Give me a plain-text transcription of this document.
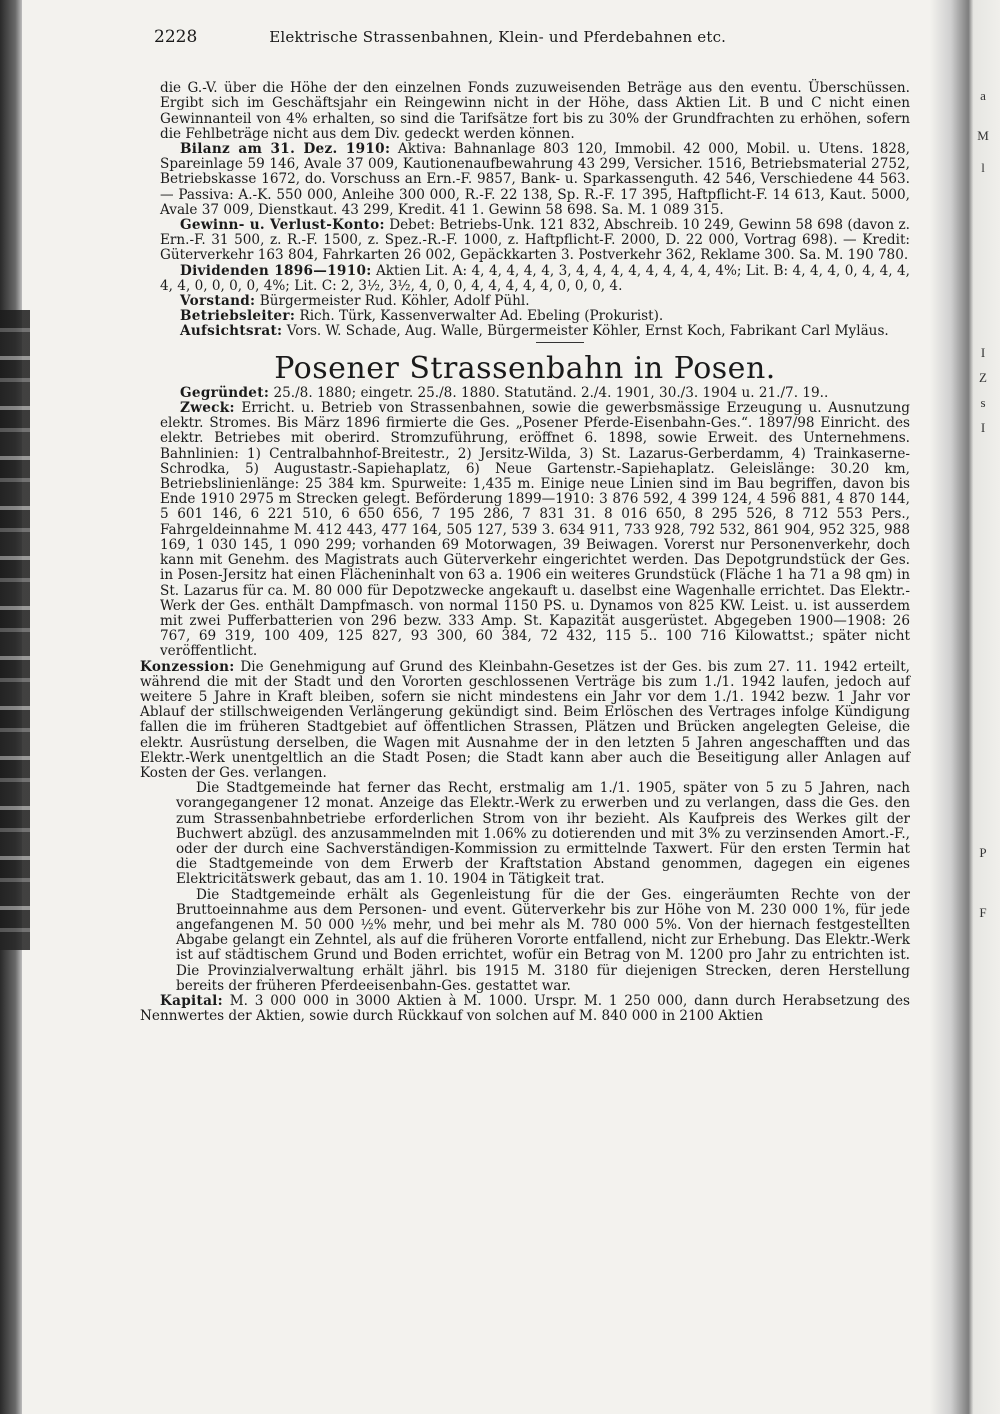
a
M
l
I
Z
s
I
P
F
2228	Elektrische Strassenbahnen, Klein- und Pferdebahnen etc.

die G.-V. über die Höhe der den einzelnen Fonds zuzuweisenden Beträge aus den eventu. Überschüssen. Ergibt sich im Geschäftsjahr ein Reingewinn nicht in der Höhe, dass Aktien Lit. B und C nicht einen Gewinnanteil von 4% erhalten, so sind die Tarifsätze fort bis zu 30% der Grundfrachten zu erhöhen, sofern die Fehlbeträge nicht aus dem Div. gedeckt werden können.

Bilanz am 31. Dez. 1910: Aktiva: Bahnanlage 803 120, Immobil. 42 000, Mobil. u. Utens. 1828, Spareinlage 59 146, Avale 37 009, Kautionenaufbewahrung 43 299, Versicher. 1516, Betriebsmaterial 2752, Betriebskasse 1672, do. Vorschuss an Ern.-F. 9857, Bank- u. Sparkassenguth. 42 546, Verschiedene 44 563. — Passiva: A.-K. 550 000, Anleihe 300 000, R.-F. 22 138, Sp. R.-F. 17 395, Haftpflicht-F. 14 613, Kaut. 5000, Avale 37 009, Dienstkaut. 43 299, Kredit. 41 1. Gewinn 58 698. Sa. M. 1 089 315.

Gewinn- u. Verlust-Konto: Debet: Betriebs-Unk. 121 832, Abschreib. 10 249, Gewinn 58 698 (davon z. Ern.-F. 31 500, z. R.-F. 1500, z. Spez.-R.-F. 1000, z. Haftpflicht-F. 2000, D. 22 000, Vortrag 698). — Kredit: Güterverkehr 163 804, Fahrkarten 26 002, Gepäckkarten 3. Postverkehr 362, Reklame 300. Sa. M. 190 780.

Dividenden 1896—1910: Aktien Lit. A: 4, 4, 4, 4, 4, 3, 4, 4, 4, 4, 4, 4, 4, 4, 4%; Lit. B: 4, 4, 4, 0, 4, 4, 4, 4, 4, 0, 0, 0, 0, 4%; Lit. C: 2, 3½, 3½, 4, 0, 0, 4, 4, 4, 4, 4, 0, 0, 0, 4.

Vorstand: Bürgermeister Rud. Köhler, Adolf Pühl.

Betriebsleiter: Rich. Türk, Kassenverwalter Ad. Ebeling (Prokurist).

Aufsichtsrat: Vors. W. Schade, Aug. Walle, Bürgermeister Köhler, Ernst Koch, Fabrikant Carl Myläus.

Posener Strassenbahn in Posen.

Gegründet: 25./8. 1880; eingetr. 25./8. 1880. Statutänd. 2./4. 1901, 30./3. 1904 u. 21./7. 19..

Zweck: Erricht. u. Betrieb von Strassenbahnen, sowie die gewerbsmässige Erzeugung u. Ausnutzung elektr. Stromes. Bis März 1896 firmierte die Ges. „Posener Pferde-Eisenbahn-Ges.“. 1897/98 Einricht. des elektr. Betriebes mit oberird. Stromzuführung, eröffnet 6. 1898, sowie Erweit. des Unternehmens. Bahnlinien: 1) Centralbahnhof-Breitestr., 2) Jersitz-Wilda, 3) St. Lazarus-Gerberdamm, 4) Trainkaserne-Schrodka, 5) Augustastr.-Sapiehaplatz, 6) Neue Gartenstr.-Sapiehaplatz. Geleislänge: 30.20 km, Betriebslinienlänge: 25 384 km. Spurweite: 1,435 m. Einige neue Linien sind im Bau begriffen, davon bis Ende 1910 2975 m Strecken gelegt. Beförderung 1899—1910: 3 876 592, 4 399 124, 4 596 881, 4 870 144, 5 601 146, 6 221 510, 6 650 656, 7 195 286, 7 831 31. 8 016 650, 8 295 526, 8 712 553 Pers., Fahrgeldeinnahme M. 412 443, 477 164, 505 127, 539 3. 634 911, 733 928, 792 532, 861 904, 952 325, 988 169, 1 030 145, 1 090 299; vorhanden 69 Motorwagen, 39 Beiwagen. Vorerst nur Personenverkehr, doch kann mit Genehm. des Magistrats auch Güterverkehr eingerichtet werden. Das Depotgrundstück der Ges. in Posen-Jersitz hat einen Flächeninhalt von 63 a. 1906 ein weiteres Grundstück (Fläche 1 ha 71 a 98 qm) in St. Lazarus für ca. M. 80 000 für Depotzwecke angekauft u. daselbst eine Wagenhalle errichtet. Das Elektr.-Werk der Ges. enthält Dampfmasch. von normal 1150 PS. u. Dynamos von 825 KW. Leist. u. ist ausserdem mit zwei Pufferbatterien von 296 bezw. 333 Amp. St. Kapazität ausgerüstet. Abgegeben 1900—1908: 26 767, 69 319, 100 409, 125 827, 93 300, 60 384, 72 432, 115 5.. 100 716 Kilowattst.; später nicht veröffentlicht.

Konzession: Die Genehmigung auf Grund des Kleinbahn-Gesetzes ist der Ges. bis zum 27. 11. 1942 erteilt, während die mit der Stadt und den Vororten geschlossenen Verträge bis zum 1./1. 1942 laufen, jedoch auf weitere 5 Jahre in Kraft bleiben, sofern sie nicht mindestens ein Jahr vor dem 1./1. 1942 bezw. 1 Jahr vor Ablauf der stillschweigenden Verlängerung gekündigt sind. Beim Erlöschen des Vertrages infolge Kündigung fallen die im früheren Stadtgebiet auf öffentlichen Strassen, Plätzen und Brücken angelegten Geleise, die elektr. Ausrüstung derselben, die Wagen mit Ausnahme der in den letzten 5 Jahren angeschafften und das Elektr.-Werk unentgeltlich an die Stadt Posen; die Stadt kann aber auch die Beseitigung aller Anlagen auf Kosten der Ges. verlangen.

Die Stadtgemeinde hat ferner das Recht, erstmalig am 1./1. 1905, später von 5 zu 5 Jahren, nach vorangegangener 12 monat. Anzeige das Elektr.-Werk zu erwerben und zu verlangen, dass die Ges. den zum Strassenbahnbetriebe erforderlichen Strom von ihr bezieht. Als Kaufpreis des Werkes gilt der Buchwert abzügl. des anzusammelnden mit 1.06% zu dotierenden und mit 3% zu verzinsenden Amort.-F., oder der durch eine Sachverständigen-Kommission zu ermittelnde Taxwert. Für den ersten Termin hat die Stadtgemeinde von dem Erwerb der Kraftstation Abstand genommen, dagegen ein eigenes Elektricitätswerk gebaut, das am 1. 10. 1904 in Tätigkeit trat.

Die Stadtgemeinde erhält als Gegenleistung für die der Ges. eingeräumten Rechte von der Bruttoeinnahme aus dem Personen- und event. Güterverkehr bis zur Höhe von M. 230 000 1%, für jede angefangenen M. 50 000 ½% mehr, und bei mehr als M. 780 000 5%. Von der hiernach festgestellten Abgabe gelangt ein Zehntel, als auf die früheren Vororte entfallend, nicht zur Erhebung. Das Elektr.-Werk ist auf städtischem Grund und Boden errichtet, wofür ein Betrag von M. 1200 pro Jahr zu entrichten ist. Die Provinzialverwaltung erhält jährl. bis 1915 M. 3180 für diejenigen Strecken, deren Herstellung bereits der früheren Pferdeeisenbahn-Ges. gestattet war.

Kapital: M. 3 000 000 in 3000 Aktien à M. 1000. Urspr. M. 1 250 000, dann durch Herabsetzung des Nennwertes der Aktien, sowie durch Rückkauf von solchen auf M. 840 000 in 2100 Aktien
